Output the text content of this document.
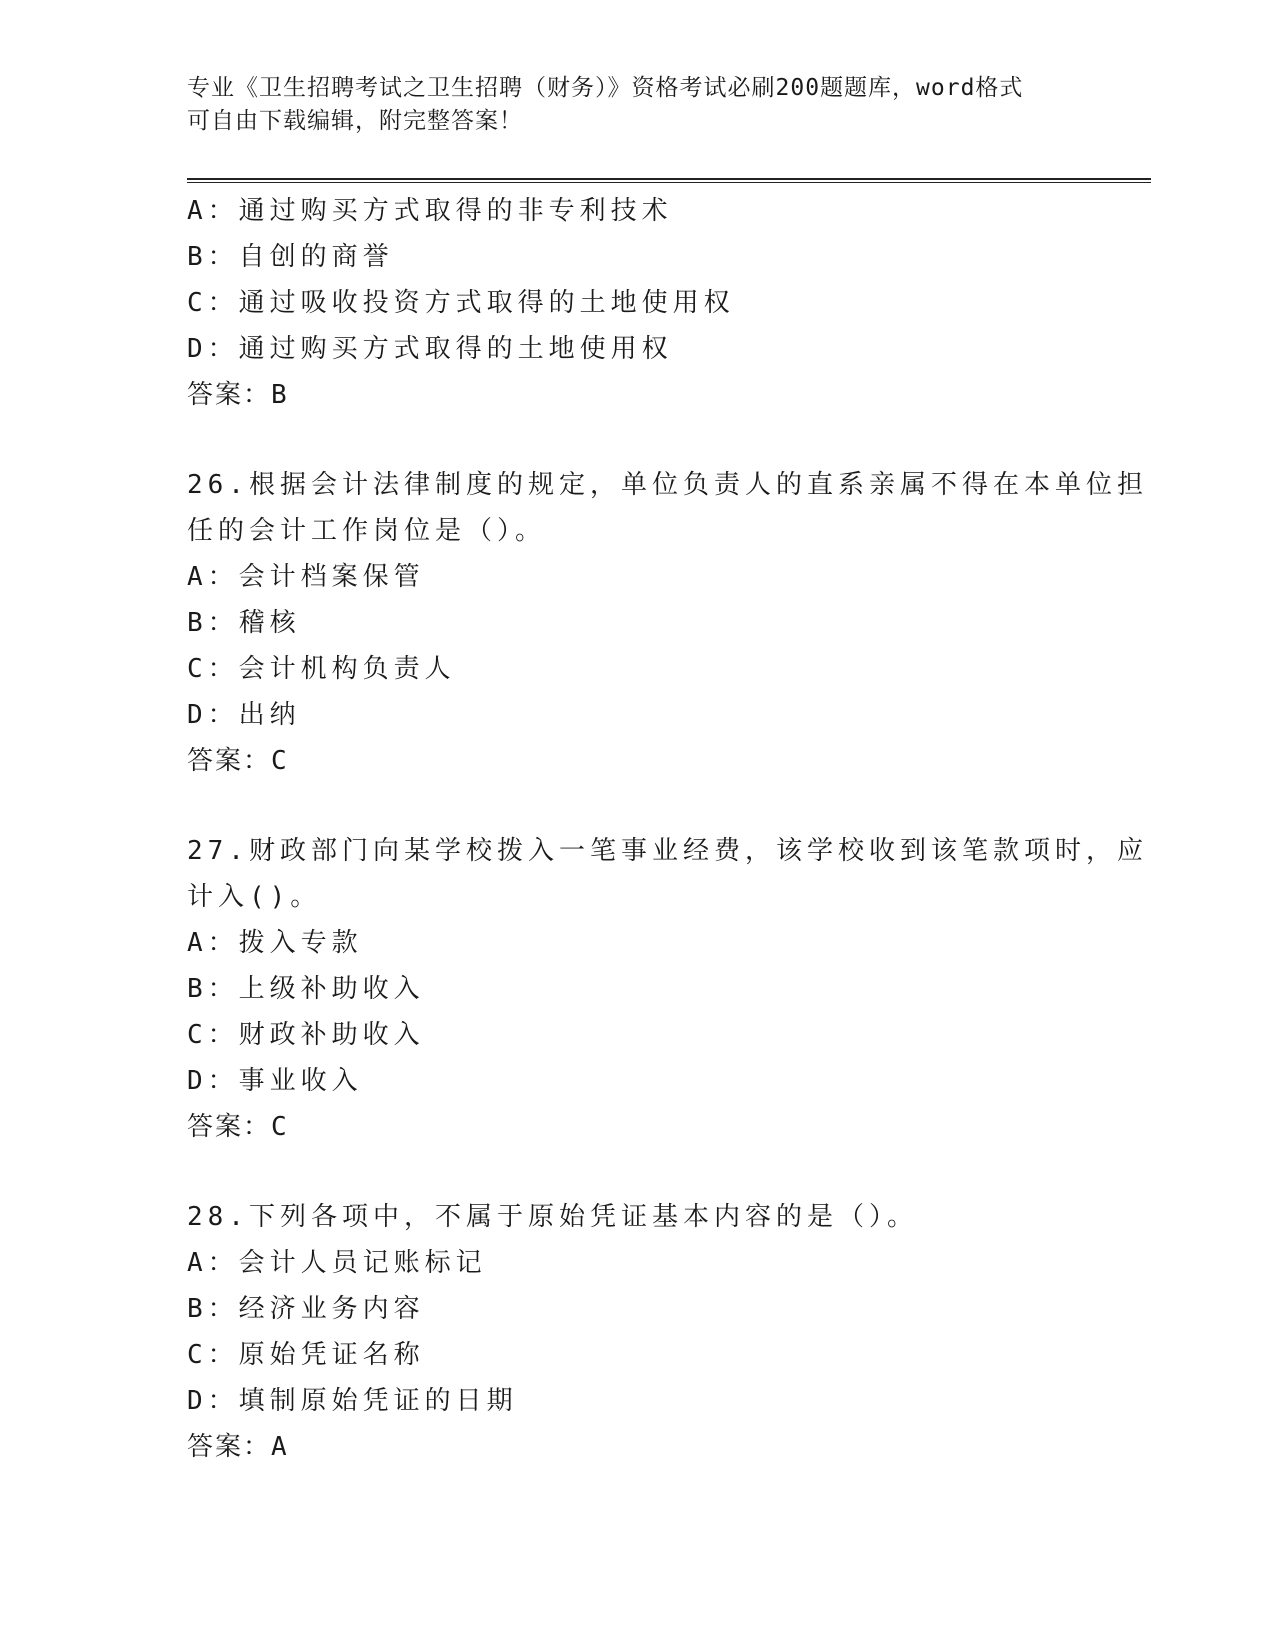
专业《卫生招聘考试之卫生招聘（财务）》资格考试必刷200题题库，word格式
可自由下载编辑，附完整答案！
A：通过购买方式取得的非专利技术
B：自创的商誉
C：通过吸收投资方式取得的土地使用权
D：通过购买方式取得的土地使用权
答案：B
26.根据会计法律制度的规定，单位负责人的直系亲属不得在本单位担
任的会计工作岗位是（）。
A：会计档案保管
B：稽核
C：会计机构负责人
D：出纳
答案：C
27.财政部门向某学校拨入一笔事业经费，该学校收到该笔款项时，应
计入()。
A：拨入专款
B：上级补助收入
C：财政补助收入
D：事业收入
答案：C
28.下列各项中，不属于原始凭证基本内容的是（）。
A：会计人员记账标记
B：经济业务内容
C：原始凭证名称
D：填制原始凭证的日期
答案：A
